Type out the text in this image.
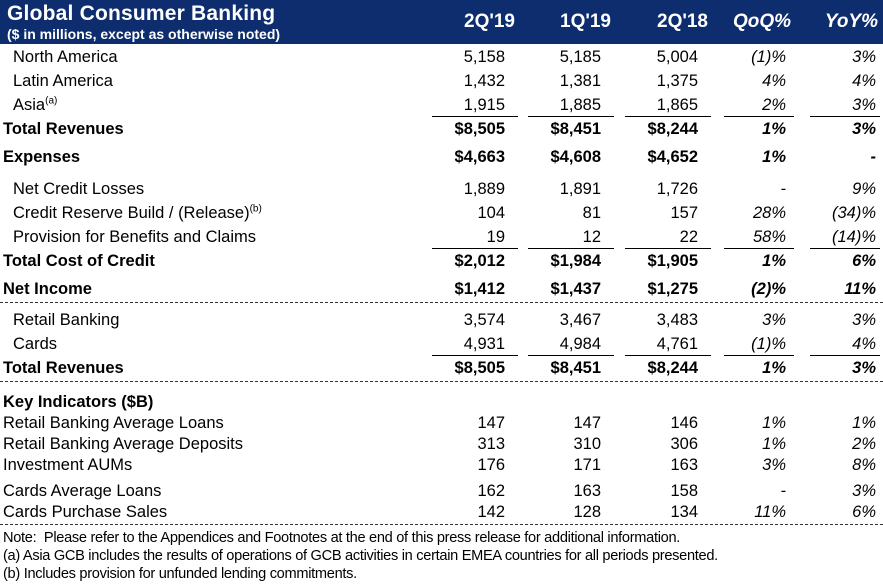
Global Consumer Banking
($ in millions, except as otherwise noted)
2Q'19	1Q'19	2Q'18	QoQ%	YoY%
North America	5,158	5,185	5,004	(1)%	3%
Latin America	1,432	1,381	1,375	4%	4%
Asia$^{(a)}$	1,915	1,885	1,865	2%	3%
Total Revenues	$8,505	$8,451	$8,244	1%	3%
Expenses	$4,663	$4,608	$4,652	1%	-
Net Credit Losses	1,889	1,891	1,726	-	9%
Credit Reserve Build / (Release)$^{(b)}$	104	81	157	28%	(34)%
Provision for Benefits and Claims	19	12	22	58%	(14)%
Total Cost of Credit	$2,012	$1,984	$1,905	1%	6%
Net Income	$1,412	$1,437	$1,275	(2)%	11%
Retail Banking	3,574	3,467	3,483	3%	3%
Cards	4,931	4,984	4,761	(1)%	4%
Total Revenues	$8,505	$8,451	$8,244	1%	3%
Key Indicators ($B)
Retail Banking Average Loans	147	147	146	1%	1%
Retail Banking Average Deposits	313	310	306	1%	2%
Investment AUMs	176	171	163	3%	8%
Cards Average Loans	162	163	158	-	3%
Cards Purchase Sales	142	128	134	11%	6%
Note:  Please refer to the Appendices and Footnotes at the end of this press release for additional information.
(a) Asia GCB includes the results of operations of GCB activities in certain EMEA countries for all periods presented.
(b) Includes provision for unfunded lending commitments.
